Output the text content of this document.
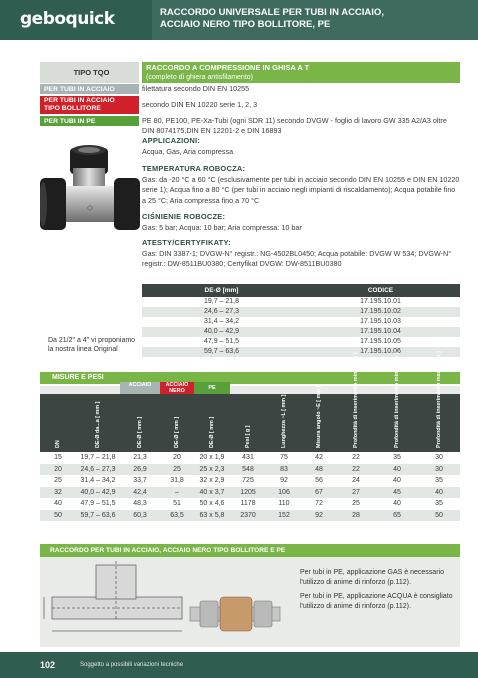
geboquick	RACCORDO UNIVERSALE PER TUBI IN ACCIAIO,
ACCIAIO NERO TIPO BOLLITORE, PE
TIPO TQO
RACCORDO A COMPRESSIONE IN GHISA A T
(completo di ghiera antisfilamento)
PER TUBI IN ACCIAIO	filettatura secondo DIN EN 10255
PER TUBI IN ACCIAIO
TIPO BOLLITORE	secondo DIN EN 10220 serie 1, 2, 3
PER TUBI IN PE	PE 80, PE100, PE-Xa-Tubi (ogni SDR 11) secondo DVGW - foglio di lavoro GW 335 A2/A3 oltre DIN 8074175,DIN EN 12201-2 e DIN 16893
◇
APPLICAZIONI:
Acqua, Gas, Aria compressa
TEMPERATURA ROBOCZA:
Gas: da -20 °C a 60 °C (esclusivamente per tubi in acciaio secondo DIN EN 10255 e DIN EN 10220 serie 1); Acqua fino a 80 °C (per tubi in acciaio negli impianti di riscaldamento); Acqua potabile fino a 25 °C; Aria compressa fino a 70 °C
CIŚNIENIE ROBOCZE:
Gas: 5 bar; Acqua: 10 bar; Aria compressa: 10 bar
ATESTY/CERTYFIKATY:
Gas: DIN 3387-1; DVGW-N° registr.: NG-4502BL0450; Acqua potabile: DVGW W 534; DVGW-N° registr.: DW-8511BU0380; Certyfikat DVGW: DW-8511BU0380
DE-Ø [mm]	CODICE
19,7 – 21,8	17.195.10.01
24,6 – 27,3	17.195.10.02
31,4 – 34,2	17.195.10.03
40,0 – 42,9	17.195.10.04
47,9 – 51,5	17.195.10.05
59,7 – 63,6	17.195.10.06
Da 21/2" a 4" vi proponiamo la nostra linea Original
MISURE E PESI
ACCIAIO	ACCIAIO
NERO	PE
DN	DE-Ø da...a [ mm ]	DE-Ø [ mm ]	DE-Ø [ mm ]	DE-Ø [ mm ]	Pesi [ g ]	Lunghezza ~L [ mm ]	Misura angolo ~E [ mm ]	Profondità di inserimento min. [ mm ]	Profondità di inserimento min. [ mm ]	Profondità di inserimento max. [ mm ]
15	19,7 – 21,8	21,3	20	20 x 1,9	431	75	42	22	35	30
20	24,6 – 27,3	26,9	25	25 x 2,3	548	83	48	22	40	30
25	31,4 – 34,2	33,7	31,8	32 x 2,9	725	92	56	24	40	35
32	40,0 – 42,9	42,4	–	40 x 3,7	1205	106	67	27	45	40
40	47,9 – 51,5	48,3	51	50 x 4,6	1178	110	72	25	40	35
50	59,7 – 63,6	60,3	63,5	63 x 5,8	2370	152	92	28	65	50
RACCORDO PER TUBI IN ACCIAIO, ACCIAIO NERO TIPO BOLLITORE E PE
Per tubi in PE, applicazione GAS è necessario l'utilizzo di anime di rinforzo (p.112).
Per tubi in PE, applicazione ACQUA è consigliato l'utilizzo di anime di rinforzo (p.112).
102	Soggetto a possibili variazioni tecniche
